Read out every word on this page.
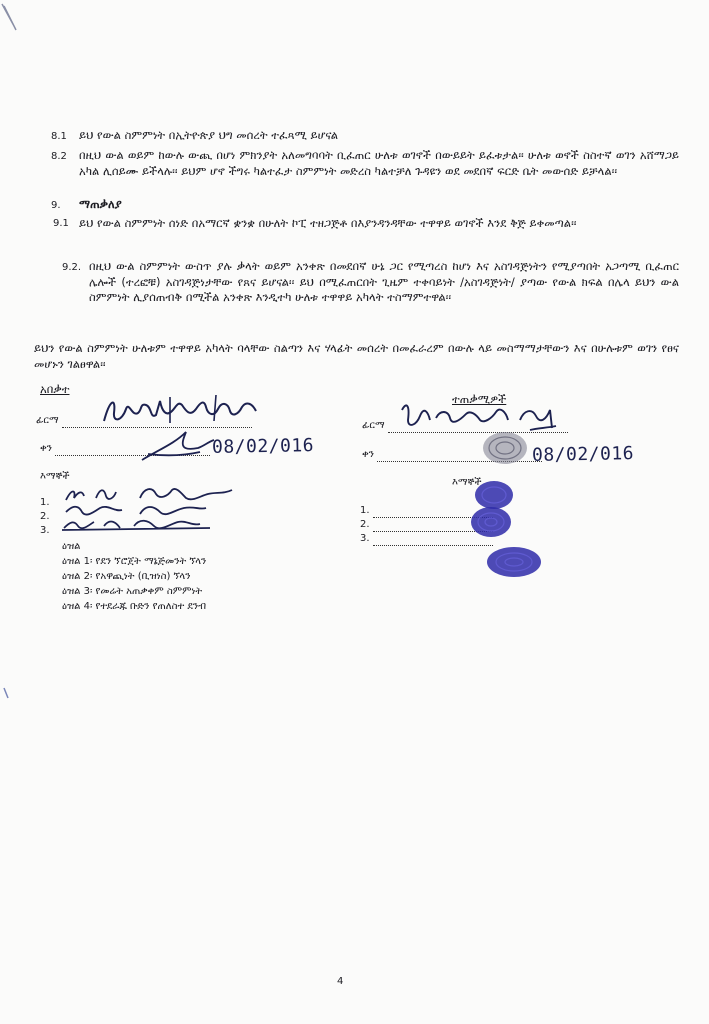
8.1 ይህ የውል ስምምነት በኢትዮጵያ ህግ መሰረት ተፈጻሚ ይሆናል
8.2 በዚህ ውል ወይም ከውሉ ውጪ በሆነ ምክንያት አለመግባባት ቢፈጠር ሁለቱ ወገኖች በውይይት ይፈቱታል፡፡ ሁለቱ ወኖች ስስተኛ ወገን አሸማጋይ አካል ሊሰይሙ ይችላሉ፡፡ ይህም ሆኖ ችግሩ ካልተፈታ ስምምነት መድረስ ካልተቻለ ጉዳዩን ወደ መደበኛ ፍርድ ቤት መውሰድ ይቻላል፡፡
9. ማጠቃለያ
9.1 ይህ የውል ስምምነት ሰነድ በአማርኛ ቋንቋ በሁለት ኮፒ ተዘጋጅቶ በእያንዳንዳቸው ተዋዋይ ወገኖች እንደ ቅጅ ይቀመጣል፡፡
9.2. በዚህ ውል ስምምነት ውስጥ ያሉ ቃላት ወይም አንቀጽ በመደበኛ ሁኔ ጋር የሚጣረስ ከሆነ እና አስገዳጅነትን የሚያጣበት አጋጣሚ ቢፈጠር ሌሎች (ተረፎቹ) አስገዳጅነታቸው የጸና ይሆናል፡፡ ይህ በሚፈጠርበት ጊዜም ተቀባይነት /አስገዳጅነት/ ያጣው የውል ክፍል በሌላ ይህን ውል ስምምነት ሊያሰጠብቅ በሚችል አንቀጽ እንዲተካ ሁለቱ ተዋዋይ አካላት ተስማምተዋል፡፡
ይህን የውል ስምምነት ሁለቱም ተዋዋይ አካላት ባላቸው ስልጣን እና ሃላፊት መሰረት በመፈራረም በውሉ ላይ መስማማታቸውን እና በሁሉቱም ወገን የፀና መሆኑን ገልፀዋል፡፡
አበቃተ
ፊርማ
ቀን	08/02/016
እማኞች
1.
2.
3.
ዕዝል
ዕዝል 1፡ የደን ኘሮጀት ማኔጅመንት ኘላን
ዕዝል 2፡ የአዋጪነት (ቢዝነስ) ኘላን
ዕዝል 3፡ የመሬት አጠቃቀም ስምምነት
ዕዝል 4፡ የተደራጁ ቡድን የጠለስተ ደንብ
ተጠቃሚዎች
ፊርማ
ቀን	08/02/016
እማኞች
1.
2.
3.
4
